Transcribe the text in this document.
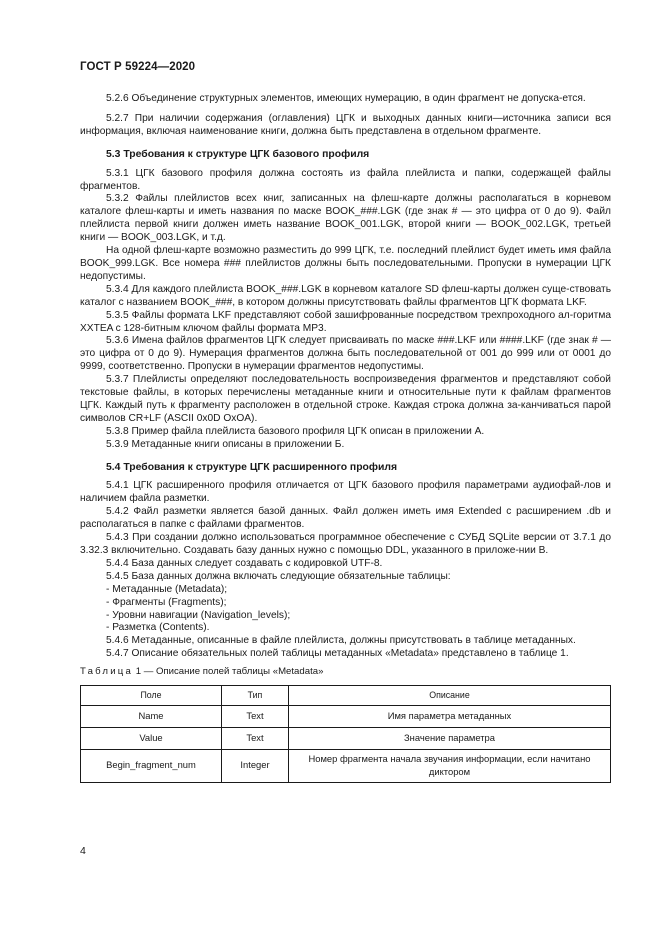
ГОСТ Р 59224—2020

5.2.6 Объединение структурных элементов, имеющих нумерацию, в один фрагмент не допуска-ется.

5.2.7 При наличии содержания (оглавления) ЦГК и выходных данных книги—источника записи вся информация, включая наименование книги, должна быть представлена в отдельном фрагменте.

5.3 Требования к структуре ЦГК базового профиля

5.3.1 ЦГК базового профиля должна состоять из файла плейлиста и папки, содержащей файлы фрагментов.

5.3.2 Файлы плейлистов всех книг, записанных на флеш-карте должны располагаться в корневом каталоге флеш-карты и иметь названия по маске BOOK_###.LGK (где знак # — это цифра от 0 до 9). Файл плейлиста первой книги должен иметь название BOOK_001.LGK, второй книги — BOOK_002.LGK, третьей книги — BOOK_003.LGK, и т.д.

На одной флеш-карте возможно разместить до 999 ЦГК, т.е. последний плейлист будет иметь имя файла BOOK_999.LGK. Все номера ### плейлистов должны быть последовательными. Пропуски в нумерации ЦГК недопустимы.

5.3.4 Для каждого плейлиста BOOK_###.LGK в корневом каталоге SD флеш-карты должен суще-ствовать каталог с названием BOOK_###, в котором должны присутствовать файлы фрагментов ЦГК формата LKF.

5.3.5 Файлы формата LKF представляют собой зашифрованные посредством трехпроходного ал-горитма XXTEA с 128-битным ключом файлы формата MP3.

5.3.6 Имена файлов фрагментов ЦГК следует присваивать по маске ###.LKF или ####.LKF (где знак # — это цифра от 0 до 9). Нумерация фрагментов должна быть последовательной от 001 до 999 или от 0001 до 9999, соответственно. Пропуски в нумерации фрагментов недопустимы.

5.3.7 Плейлисты определяют последовательность воспроизведения фрагментов и представляют собой текстовые файлы, в которых перечислены метаданные книги и относительные пути к файлам фрагментов ЦГК. Каждый путь к фрагменту расположен в отдельной строке. Каждая строка должна за-канчиваться парой символов CR+LF (ASCII 0x0D OxOA).

5.3.8 Пример файла плейлиста базового профиля ЦГК описан в приложении А.

5.3.9 Метаданные книги описаны в приложении Б.

5.4 Требования к структуре ЦГК расширенного профиля

5.4.1 ЦГК расширенного профиля отличается от ЦГК базового профиля параметрами аудиофай-лов и наличием файла разметки.

5.4.2 Файл разметки является базой данных. Файл должен иметь имя Extended с расширением .db и располагаться в папке с файлами фрагментов.

5.4.3 При создании должно использоваться программное обеспечение с СУБД SQLite версии от 3.7.1 до 3.32.3 включительно. Создавать базу данных нужно с помощью DDL, указанного в приложе-нии В.

5.4.4 База данных следует создавать с кодировкой UTF-8.

5.4.5 База данных должна включать следующие обязательные таблицы:

- Метаданные (Metadata);

- Фрагменты (Fragments);

- Уровни навигации (Navigation_levels);

- Разметка (Contents).

5.4.6 Метаданные, описанные в файле плейлиста, должны присутствовать в таблице метаданных.

5.4.7 Описание обязательных полей таблицы метаданных «Metadata» представлено в таблице 1.

Таблица 1 — Описание полей таблицы «Metadata»

Поле	Тип	Описание
Name	Text	Имя параметра метаданных
Value	Text	Значение параметра
Begin_fragment_num	Integer	Номер фрагмента начала звучания информации, если начитано диктором
4
